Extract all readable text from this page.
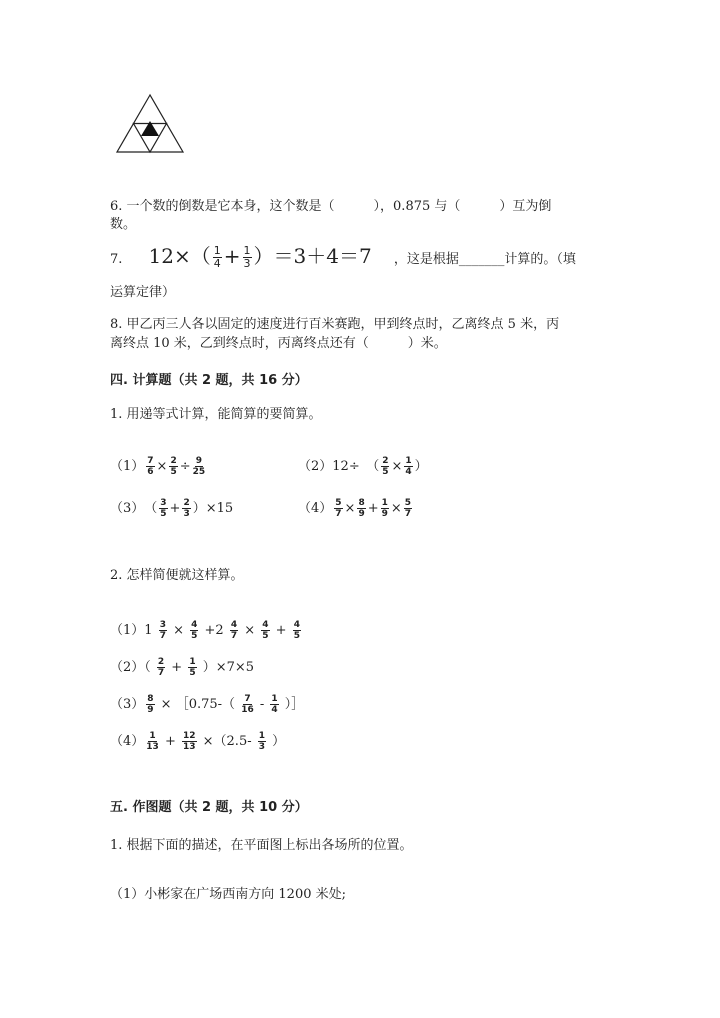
6. 一个数的倒数是它本身，这个数是（　　　），0.875 与（　　　）互为倒
数。
7. $12\times( \frac{1}{4} + \frac{1}{3} )=3+4=7$ ，这是根据_______计算的。（填
运算定律）
8. 甲乙丙三人各以固定的速度进行百米赛跑，甲到终点时，乙离终点 5 米，丙
离终点 10 米，乙到终点时，丙离终点还有（　　　）米。
四. 计算题（共 2 题，共 16 分）
1. 用递等式计算，能简算的要简算。
$(1) \frac{7}{6} \times \frac{2}{5} \div \frac{9}{25}$	（2）12÷　（ $\frac{2}{5} \times \frac{1}{4}$ ）
（3）　（ $\frac{3}{5} + \frac{2}{3} )\times 15$	$(4) \frac{5}{7} \times \frac{8}{9} + \frac{1}{9} \times \frac{5}{7}$
2. 怎样简便就这样算。
$(1)1 \frac{3}{7} \times \frac{4}{5} +2 \frac{4}{7} \times \frac{4}{5} + \frac{4}{5}$
$(2)( \frac{2}{7} + \frac{1}{5} )\times 7\times 5$
$(3) \frac{8}{9}$ × ［0.75-（ $\frac{7}{16} - \frac{1}{4}$ ）］
$(4) \frac{1}{13} + \frac{12}{13} \times(2.5- \frac{1}{3}$ ）
五. 作图题（共 2 题，共 10 分）
1. 根据下面的描述，在平面图上标出各场所的位置。
（1）小彬家在广场西南方向 1200 米处;
